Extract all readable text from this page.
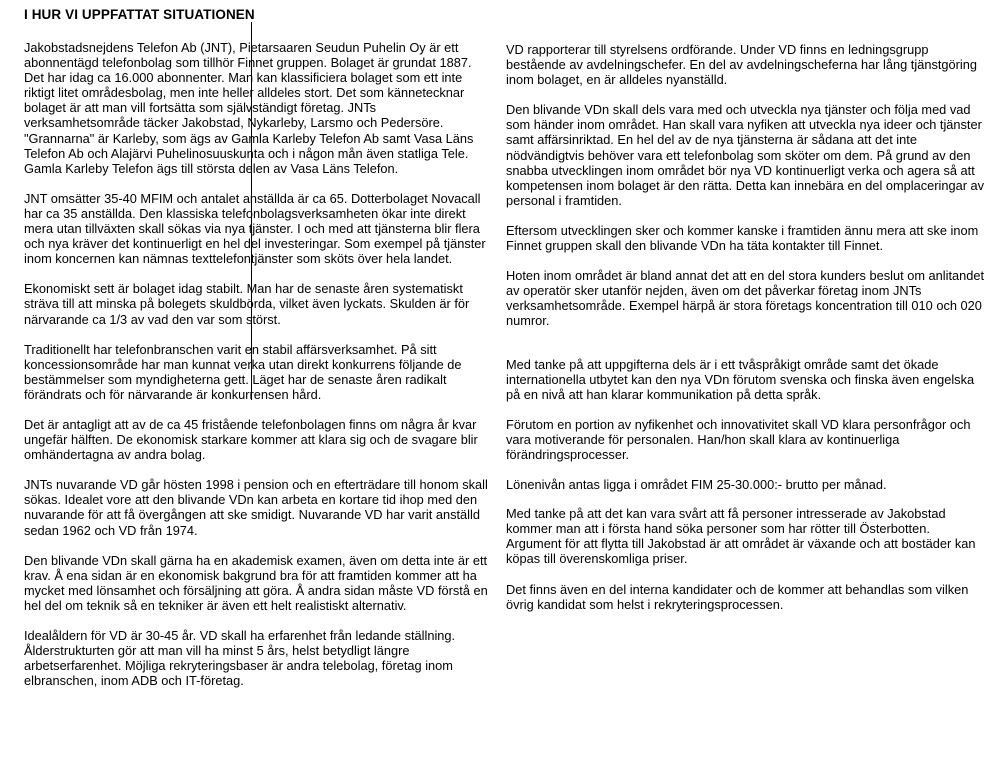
I HUR VI UPPFATTAT SITUATIONEN

Jakobstadsnejdens Telefon Ab (JNT), Pietarsaaren Seudun Puhelin Oy är ett abonnentägd telefonbolag som tillhör Finnet gruppen. Bolaget är grundat 1887. Det har idag ca 16.000 abonnenter. Man kan klassificiera bolaget som ett inte riktigt litet områdesbolag, men inte heller alldeles stort. Det som kännetecknar bolaget är att man vill fortsätta som självständigt företag. JNTs verksamhetsområde täcker Jakobstad, Nykarleby, Larsmo och Pedersöre. "Grannarna" är Karleby, som ägs av Gamla Karleby Telefon Ab samt Vasa Läns Telefon Ab och Alajärvi Puhelinosuuskunta och i någon mån även statliga Tele. Gamla Karleby Telefon ägs till största delen av Vasa Läns Telefon.

JNT omsätter 35-40 MFIM och antalet anställda är ca 65. Dotterbolaget Novacall har ca 35 anställda. Den klassiska telefonbolagsverksamheten ökar inte direkt mera utan tillväxten skall sökas via nya tjänster. I och med att tjänsterna blir flera och nya kräver det kontinuerligt en hel del investeringar. Som exempel på tjänster inom koncernen kan nämnas texttelefontjänster som sköts över hela landet.

Ekonomiskt sett är bolaget idag stabilt. Man har de senaste åren systematiskt sträva till att minska på bolegets skuldbörda, vilket även lyckats. Skulden är för närvarande ca 1/3 av vad den var som störst.

Traditionellt har telefonbranschen varit en stabil affärsverksamhet. På sitt koncessionsområde har man kunnat verka utan direkt konkurrens följande de bestämmelser som myndigheterna gett. Läget har de senaste åren radikalt förändrats och för närvarande är konkurrensen hård.

Det är antagligt att av de ca 45 fristående telefonbolagen finns om några år kvar ungefär hälften. De ekonomisk starkare kommer att klara sig och de svagare blir omhändertagna av andra bolag.

JNTs nuvarande VD går hösten 1998 i pension och en efterträdare till honom skall sökas. Idealet vore att den blivande VDn kan arbeta en kortare tid ihop med den nuvarande för att få övergången att ske smidigt. Nuvarande VD har varit anställd sedan 1962 och VD från 1974.

Den blivande VDn skall gärna ha en akademisk examen, även om detta inte är ett krav. Å ena sidan är en ekonomisk bakgrund bra för att framtiden kommer att ha mycket med lönsamhet och försäljning att göra. Å andra sidan måste VD förstå en hel del om teknik så en tekniker är även ett helt realistiskt alternativ.

Idealåldern för VD är 30-45 år. VD skall ha erfarenhet från ledande ställning. Ålderstrukturten gör att man vill ha minst 5 års, helst betydligt längre arbetserfarenhet. Möjliga rekryteringsbaser är andra telebolag, företag inom elbranschen, inom ADB och IT-företag.

VD rapporterar till styrelsens ordförande. Under VD finns en ledningsgrupp bestående av avdelningschefer. En del av avdelningscheferna har lång tjänstgöring inom bolaget, en är alldeles nyanställd.

Den blivande VDn skall dels vara med och utveckla nya tjänster och följa med vad som händer inom området. Han skall vara nyfiken att utveckla nya ideer och tjänster samt affärsinriktad. En hel del av de nya tjänsterna är sådana att det inte nödvändigtvis behöver vara ett telefonbolag som sköter om dem. På grund av den snabba utvecklingen inom området bör nya VD kontinuerligt verka och agera så att kompetensen inom bolaget är den rätta. Detta kan innebära en del omplaceringar av personal i framtiden.

Eftersom utvecklingen sker och kommer kanske i framtiden ännu mera att ske inom Finnet gruppen skall den blivande VDn ha täta kontakter till Finnet.

Hoten inom området är bland annat det att en del stora kunders beslut om anlitandet av operatör sker utanför nejden, även om det påverkar företag inom JNTs verksamhetsområde. Exempel härpå är stora företags koncentration till 010 och 020 numror.

Med tanke på att uppgifterna dels är i ett tvåspråkigt område samt det ökade internationella utbytet kan den nya VDn förutom svenska och finska även engelska på en nivå att han klarar kommunikation på detta språk.

Förutom en portion av nyfikenhet och innovativitet skall VD klara personfrågor och vara motiverande för personalen. Han/hon skall klara av kontinuerliga förändringsprocesser.

Lönenivån antas ligga i området FIM 25-30.000:- brutto per månad.

Med tanke på att det kan vara svårt att få personer intresserade av Jakobstad kommer man att i första hand söka personer som har rötter till Österbotten. Argument för att flytta till Jakobstad är att området är växande och att bostäder kan köpas till överenskomliga priser.

Det finns även en del interna kandidater och de kommer att behandlas som vilken övrig kandidat som helst i rekryteringsprocessen.
